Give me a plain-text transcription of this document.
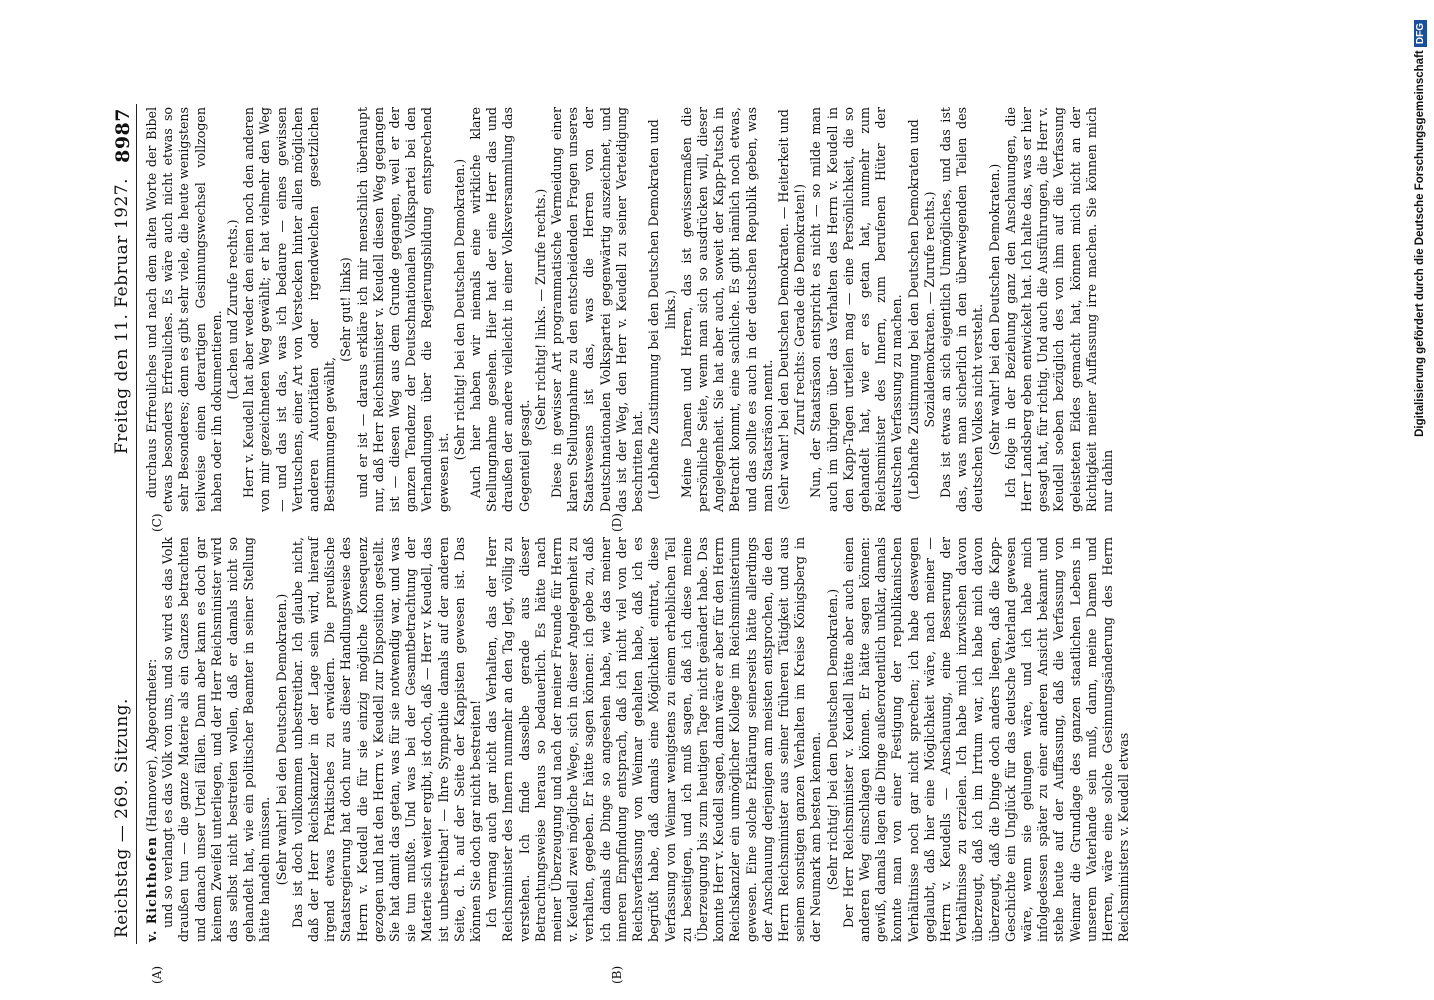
Reichstag — 269. Sitzung.
Freitag den 11. Februar 1927.
8987

v. Richthofen (Hannover), Abgeordneter: und so verlangt es das Volk von uns, und so wird es das Volk draußen tun — die ganze Materie als ein Ganzes betrachten und danach unser Urteil fällen. Dann aber kann es doch gar keinem Zweifel unterliegen, und der Herr Reichsminister wird das selbst nicht bestreiten wollen, daß er damals nicht so gehandelt hat, wie ein politischer Beamter in seiner Stellung hätte handeln müssen. (Sehr wahr! bei den Deutschen Demokraten.) Das ist doch vollkommen unbestreitbar. Ich glaube nicht, daß der Herr Reichskanzler in der Lage sein wird, hierauf irgend etwas Praktisches zu erwidern. Die preußische Staatsregierung hat doch nur aus dieser Handlungsweise des Herrn v. Keudell die für sie einzig mögliche Konsequenz gezogen und hat den Herrn v. Keudell zur Disposition gestellt. Sie hat damit das getan, was für sie notwendig war, und was sie tun mußte. Und was bei der Gesamtbetrachtung der Materie sich weiter ergibt, ist doch, daß — Herr v. Keudell, das ist unbestreitbar! — Ihre Sympathie damals auf der anderen Seite, d. h. auf der Seite der Kappisten gewesen ist. Das können Sie doch gar nicht bestreiten! Ich vermag auch gar nicht das Verhalten, das der Herr Reichsminister des Innern nunmehr an den Tag legt, völlig zu verstehen. Ich finde dasselbe gerade aus dieser Betrachtungsweise heraus so bedauerlich. Es hätte nach meiner Überzeugung und nach der meiner Freunde für Herrn v. Keudell zwei mögliche Wege, sich in dieser Angelegenheit zu verhalten, gegeben. Er hätte sagen können: ich gebe zu, daß ich damals die Dinge so angesehen habe, wie das meiner inneren Empfindung entsprach, daß ich nicht viel von der Reichsverfassung von Weimar gehalten habe, daß ich es begrüßt habe, daß damals eine Möglichkeit eintrat, diese Verfassung von Weimar wenigstens zu einem erheblichen Teil zu beseitigen, und ich muß sagen, daß ich diese meine Überzeugung bis zum heutigen Tage nicht geändert habe. Das konnte Herr v. Keudell sagen, dann wäre er aber für den Herrn Reichskanzler ein unmöglicher Kollege im Reichsministerium gewesen. Eine solche Erklärung seinerseits hätte allerdings der Anschauung derjenigen am meisten entsprochen, die den Herrn Reichsminister aus seiner früheren Tätigkeit und aus seinem sonstigen ganzen Verhalten im Kreise Königsberg in der Neumark am besten kennen. (Sehr richtig! bei den Deutschen Demokraten.) Der Herr Reichsminister v. Keudell hätte aber auch einen anderen Weg einschlagen können. Er hätte sagen können: gewiß, damals lagen die Dinge außerordentlich unklar, damals konnte man von einer Festigung der republikanischen Verhältnisse noch gar nicht sprechen; ich habe deswegen geglaubt, daß hier eine Möglichkeit wäre, nach meiner — Herrn v. Keudells — Anschauung, eine Besserung der Verhältnisse zu erzielen. Ich habe mich inzwischen davon überzeugt, daß ich im Irrtum war, ich habe mich davon überzeugt, daß die Dinge doch anders liegen, daß die Kapp-Geschichte ein Unglück für das deutsche Vaterland gewesen wäre, wenn sie gelungen wäre, und ich habe mich infolgedessen später zu einer anderen Ansicht bekannt und stehe heute auf der Auffassung, daß die Verfassung von Weimar die Grundlage des ganzen staatlichen Lebens in unserem Vaterlande sein muß, dann, meine Damen und Herren, wäre eine solche Gesinnungsänderung des Herrn Reichsministers v. Keudell etwas

durchaus Erfreuliches und nach dem alten Worte der Bibel etwas besonders Erfreuliches. Es wäre auch nicht etwas so sehr Besonderes; denn es gibt sehr viele, die heute wenigstens teilweise einen derartigen Gesinnungswechsel vollzogen haben oder ihn dokumentieren.

(Lachen und Zurufe rechts.) Herr v. Keudell hat aber weder den einen noch den anderen von mir gezeichneten Weg gewählt; er hat vielmehr den Weg — und das ist das, was ich bedaure — eines gewissen Vertuschens, einer Art von Verstecken hinter allen möglichen anderen Autoritäten oder irgendwelchen gesetzlichen Bestimmungen gewählt,

(Sehr gut! links) und er ist — daraus erkläre ich mir menschlich überhaupt nur, daß Herr Reichsminister v. Keudell diesen Weg gegangen ist — diesen Weg aus dem Grunde gegangen, weil er der ganzen Tendenz der Deutschnationalen Volkspartei bei den Verhandlungen über die Regierungsbildung entsprechend gewesen ist.

(Sehr richtig! bei den Deutschen Demokraten.) Auch hier haben wir niemals eine wirkliche klare Stellungnahme gesehen. Hier hat der eine Herr das und draußen der andere vielleicht in einer Volksversammlung das Gegenteil gesagt.

(Sehr richtig! links. — Zurufe rechts.) Diese in gewisser Art programmatische Vermeidung einer klaren Stellungnahme zu den entscheidenden Fragen unseres Staatswesens ist das, was die Herren von der Deutschnationalen Volkspartei gegenwärtig auszeichnet, und das ist der Weg, den Herr v. Keudell zu seiner Verteidigung beschritten hat. (Lebhafte Zustimmung bei den Deutschen Demokraten und links.) Meine Damen und Herren, das ist gewissermaßen die persönliche Seite, wenn man sich so ausdrücken will, dieser Angelegenheit. Sie hat aber auch, soweit der Kapp-Putsch in Betracht kommt, eine sachliche. Es gibt nämlich noch etwas, und das sollte es auch in der deutschen Republik geben, was man Staatsräson nennt. (Sehr wahr! bei den Deutschen Demokraten. — Heiterkeit und Zuruf rechts: Gerade die Demokraten!) Nun, der Staatsräson entspricht es nicht — so milde man auch im übrigen über das Verhalten des Herrn v. Keudell in den Kapp-Tagen urteilen mag — eine Persönlichkeit, die so gehandelt hat, wie er es getan hat, nunmehr zum Reichsminister des Innern, zum berufenen Hüter der deutschen Verfassung zu machen. (Lebhafte Zustimmung bei den Deutschen Demokraten und Sozialdemokraten. — Zurufe rechts.) Das ist etwas an sich eigentlich Unmögliches, und das ist das, was man sicherlich in den überwiegenden Teilen des deutschen Volkes nicht versteht. (Sehr wahr! bei den Deutschen Demokraten.) Ich folge in der Beziehung ganz den Anschauungen, die Herr Landsberg eben entwickelt hat. Ich halte das, was er hier gesagt hat, für richtig. Und auch die Ausführungen, die Herr v. Keudell soeben bezüglich des von ihm auf die Verfassung geleisteten Eides gemacht hat, können mich nicht an der Richtigkeit meiner Auffassung irre machen. Sie können mich nur dahin

(A)	(B)
(C)	(D)
Digitalisierung gefördert durch die Deutsche Forschungsgemeinschaft DFG
